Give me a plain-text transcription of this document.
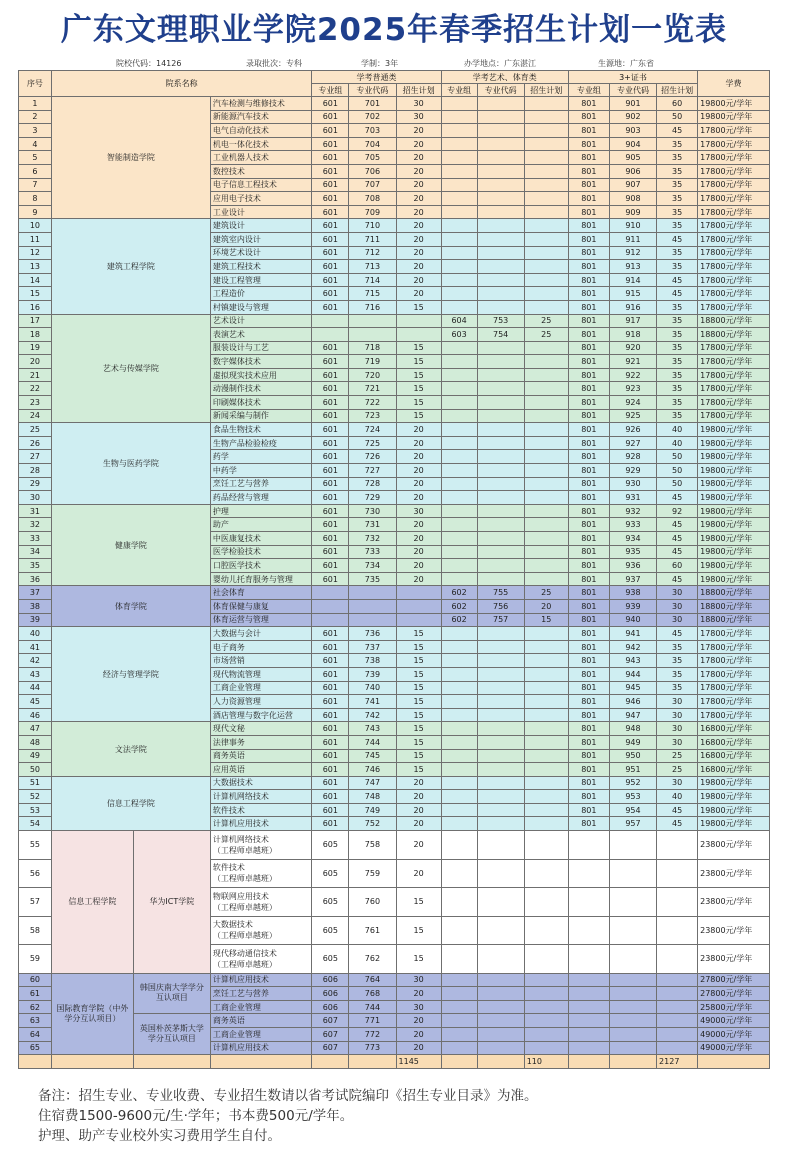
广东文理职业学院2025年春季招生计划一览表
院校代码：14126	录取批次：专科	学制：3年	办学地点：广东湛江	生源地：广东省
序号	院系名称			学考普通类			学考艺术、体育类			3+证书			学费
				专业组	专业代码	招生计划	专业组	专业代码	招生计划	专业组	专业代码	招生计划	
1	智能制造学院		汽车检测与维修技术	601	701	30				801	901	60	19800元/学年
2			新能源汽车技术	601	702	30				801	902	50	19800元/学年
3			电气自动化技术	601	703	20				801	903	45	17800元/学年
4			机电一体化技术	601	704	20				801	904	35	17800元/学年
5			工业机器人技术	601	705	20				801	905	35	17800元/学年
6			数控技术	601	706	20				801	906	35	17800元/学年
7			电子信息工程技术	601	707	20				801	907	35	17800元/学年
8			应用电子技术	601	708	20				801	908	35	17800元/学年
9			工业设计	601	709	20				801	909	35	17800元/学年
10	建筑工程学院		建筑设计	601	710	20				801	910	35	17800元/学年
11			建筑室内设计	601	711	20				801	911	45	17800元/学年
12			环境艺术设计	601	712	20				801	912	35	17800元/学年
13			建筑工程技术	601	713	20				801	913	35	17800元/学年
14			建设工程管理	601	714	20				801	914	45	17800元/学年
15			工程造价	601	715	20				801	915	45	17800元/学年
16			村镇建设与管理	601	716	15				801	916	35	17800元/学年
17	艺术与传媒学院		艺术设计				604	753	25	801	917	35	18800元/学年
18			表演艺术				603	754	25	801	918	35	18800元/学年
19			服装设计与工艺	601	718	15				801	920	35	17800元/学年
20			数字媒体技术	601	719	15				801	921	35	17800元/学年
21			虚拟现实技术应用	601	720	15				801	922	35	17800元/学年
22			动漫制作技术	601	721	15				801	923	35	17800元/学年
23			印刷媒体技术	601	722	15				801	924	35	17800元/学年
24			新闻采编与制作	601	723	15				801	925	35	17800元/学年
25	生物与医药学院		食品生物技术	601	724	20				801	926	40	19800元/学年
26			生物产品检验检疫	601	725	20				801	927	40	19800元/学年
27			药学	601	726	20				801	928	50	19800元/学年
28			中药学	601	727	20				801	929	50	19800元/学年
29			烹饪工艺与营养	601	728	20				801	930	50	19800元/学年
30			药品经营与管理	601	729	20				801	931	45	19800元/学年
31	健康学院		护理	601	730	30				801	932	92	19800元/学年
32			助产	601	731	20				801	933	45	19800元/学年
33			中医康复技术	601	732	20				801	934	45	19800元/学年
34			医学检验技术	601	733	20				801	935	45	19800元/学年
35			口腔医学技术	601	734	20				801	936	60	19800元/学年
36			婴幼儿托育服务与管理	601	735	20				801	937	45	19800元/学年
37	体育学院		社会体育				602	755	25	801	938	30	18800元/学年
38			体育保健与康复				602	756	20	801	939	30	18800元/学年
39			体育运营与管理				602	757	15	801	940	30	18800元/学年
40	经济与管理学院		大数据与会计	601	736	15				801	941	45	17800元/学年
41			电子商务	601	737	15				801	942	35	17800元/学年
42			市场营销	601	738	15				801	943	35	17800元/学年
43			现代物流管理	601	739	15				801	944	35	17800元/学年
44			工商企业管理	601	740	15				801	945	35	17800元/学年
45			人力资源管理	601	741	15				801	946	30	17800元/学年
46			酒店管理与数字化运营	601	742	15				801	947	30	17800元/学年
47	文法学院		现代文秘	601	743	15				801	948	30	16800元/学年
48			法律事务	601	744	15				801	949	30	16800元/学年
49			商务英语	601	745	15				801	950	25	16800元/学年
50			应用英语	601	746	15				801	951	25	16800元/学年
51	信息工程学院		大数据技术	601	747	20				801	952	30	19800元/学年
52			计算机网络技术	601	748	20				801	953	40	19800元/学年
53			软件技术	601	749	20				801	954	45	19800元/学年
54			计算机应用技术	601	752	20				801	957	45	19800元/学年
55	信息工程学院	华为ICT学院	计算机网络技术
（工程师卓越班）	605	758	20							23800元/学年
56			软件技术
（工程师卓越班）	605	759	20							23800元/学年
57			物联网应用技术
（工程师卓越班）	605	760	15							23800元/学年
58			大数据技术
（工程师卓越班）	605	761	15							23800元/学年
59			现代移动通信技术
（工程师卓越班）	605	762	15							23800元/学年
60	国际教育学院（中外学分互认项目）	韩国庆南大学学分互认项目	计算机应用技术	606	764	30							27800元/学年
61			烹饪工艺与营养	606	768	20							27800元/学年
62			工商企业管理	606	744	30							25800元/学年
63		英国朴茨茅斯大学学分互认项目	商务英语	607	771	20							49000元/学年
64			工商企业管理	607	772	20							49000元/学年
65			计算机应用技术	607	773	20							49000元/学年
						1145			110			2127	
备注：招生专业、专业收费、专业招生数请以省考试院编印《招生专业目录》为准。
住宿费1500-9600元/生·学年；书本费500元/学年。
护理、助产专业校外实习费用学生自付。
